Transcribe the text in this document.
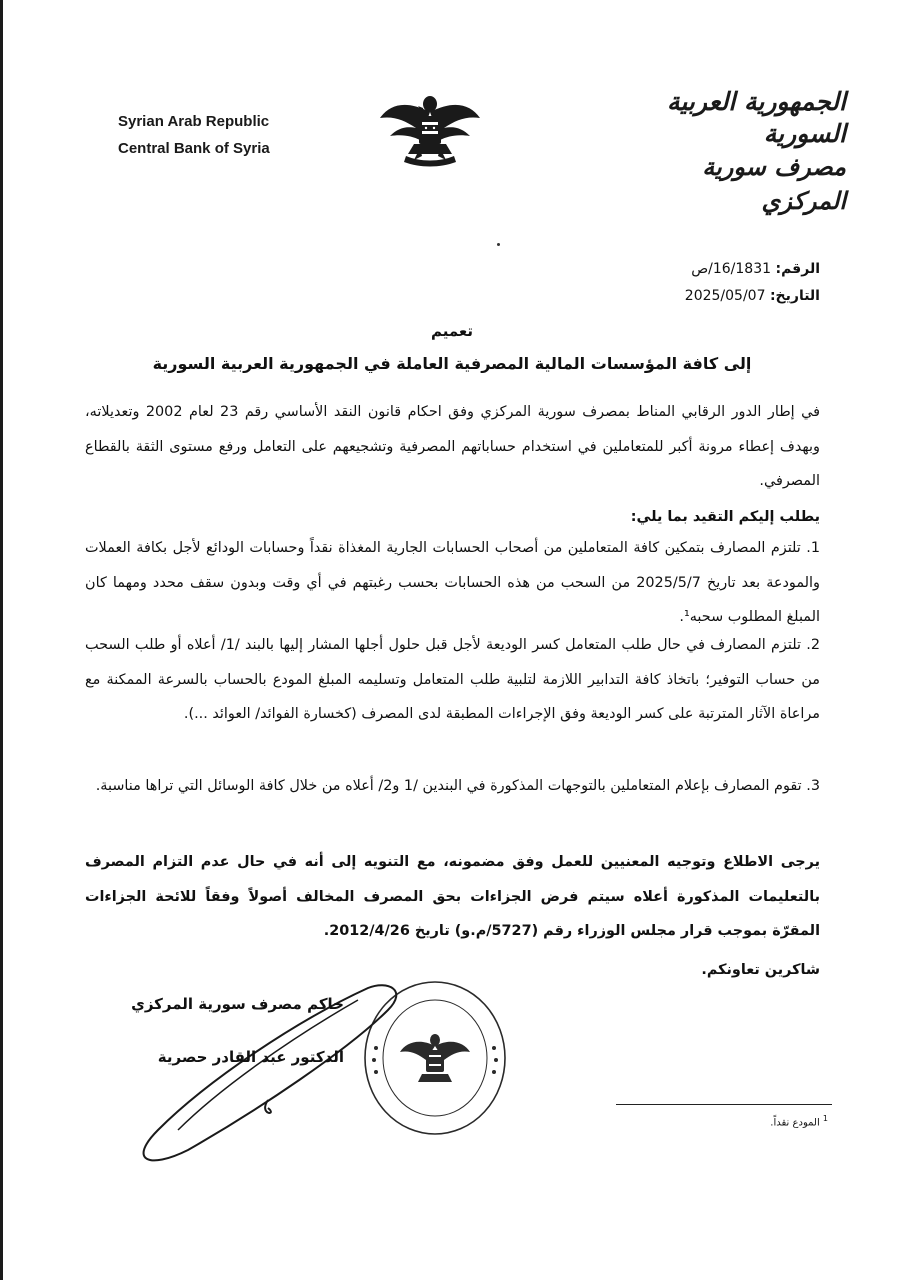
Syrian Arab Republic
Central Bank of Syria
الجمهورية العربية السورية
مصرف سورية المركزي
الرقم: 16/1831/ص
التاريخ: 2025/05/07
تعميم
إلى كافة المؤسسات المالية المصرفية العاملة في الجمهورية العربية السورية
في إطار الدور الرقابي المناط بمصرف سورية المركزي وفق احكام قانون النقد الأساسي رقم 23 لعام 2002 وتعديلاته، وبهدف إعطاء مرونة أكبر للمتعاملين في استخدام حساباتهم المصرفية وتشجيعهم على التعامل ورفع مستوى الثقة بالقطاع المصرفي.
يطلب إليكم التقيد بما يلي:
1. تلتزم المصارف بتمكين كافة المتعاملين من أصحاب الحسابات الجارية المغذاة نقداً وحسابات الودائع لأجل بكافة العملات والمودعة بعد تاريخ 2025/5/7 من السحب من هذه الحسابات بحسب رغبتهم في أي وقت وبدون سقف محدد ومهما كان المبلغ المطلوب سحبه¹.
2. تلتزم المصارف في حال طلب المتعامل كسر الوديعة لأجل قبل حلول أجلها المشار إليها بالبند /1/ أعلاه أو طلب السحب من حساب التوفير؛ باتخاذ كافة التدابير اللازمة لتلبية طلب المتعامل وتسليمه المبلغ المودع بالحساب بالسرعة الممكنة مع مراعاة الآثار المترتبة على كسر الوديعة وفق الإجراءات المطبقة لدى المصرف (كخسارة الفوائد/ العوائد ...).
3. تقوم المصارف بإعلام المتعاملين بالتوجهات المذكورة في البندين /1 و2/ أعلاه من خلال كافة الوسائل التي تراها مناسبة.
يرجى الاطلاع وتوجيه المعنيين للعمل وفق مضمونه، مع التنويه إلى أنه في حال عدم التزام المصرف بالتعليمات المذكورة أعلاه سيتم فرض الجزاءات بحق المصرف المخالف أصولاً وفقاً للائحة الجزاءات المقرّة بموجب قرار مجلس الوزراء رقم (5727/م.و) تاريخ 2012/4/26.
شاكرين تعاونكم.
حاكم مصرف سورية المركزي
الدكتور عبد القادر حصرية
$^1$ المودع نقداً.
